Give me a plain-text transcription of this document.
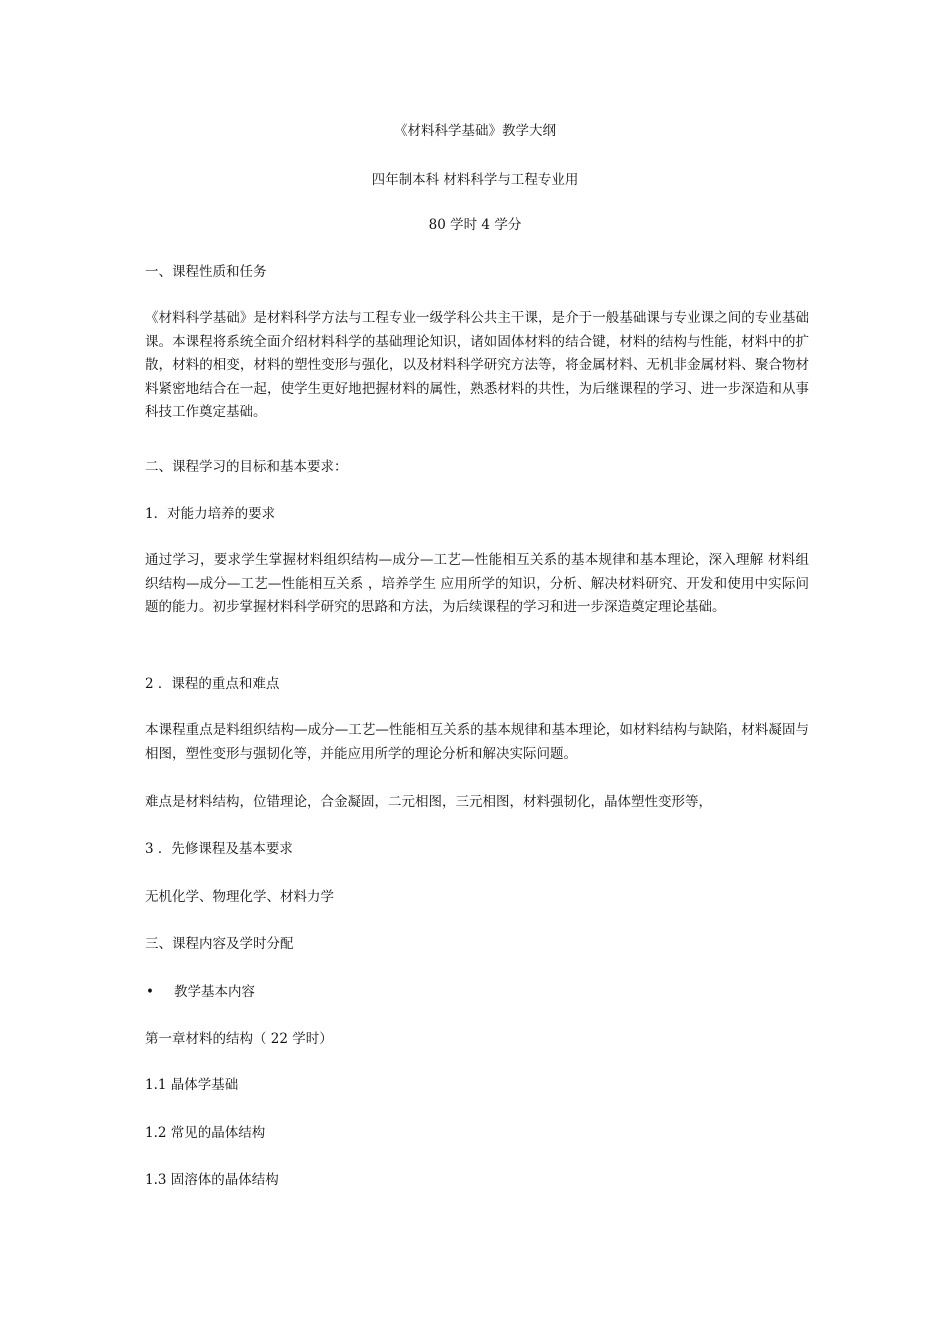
《材料科学基础》教学大纲
四年制本科 材料科学与工程专业用
80 学时 4 学分
一、课程性质和任务
《材料科学基础》是材料科学方法与工程专业一级学科公共主干课，是介于一般基础课与专业课之间的专业基础课。本课程将系统全面介绍材料科学的基础理论知识，诸如固体材料的结合键，材料的结构与性能，材料中的扩散，材料的相变，材料的塑性变形与强化，以及材料科学研究方法等，将金属材料、无机非金属材料、聚合物材料紧密地结合在一起，使学生更好地把握材料的属性，熟悉材料的共性，为后继课程的学习、进一步深造和从事科技工作奠定基础。
二、课程学习的目标和基本要求：
1．对能力培养的要求
通过学习，要求学生掌握材料组织结构—成分—工艺—性能相互关系的基本规律和基本理论，深入理解 材料组织结构—成分—工艺—性能相互关系 ，培养学生 应用所学的知识，分析、解决材料研究、开发和使用中实际问题的能力。初步掌握材料科学研究的思路和方法，为后续课程的学习和进一步深造奠定理论基础。
2 ．课程的重点和难点
本课程重点是料组织结构—成分—工艺—性能相互关系的基本规律和基本理论，如材料结构与缺陷，材料凝固与相图，塑性变形与强韧化等，并能应用所学的理论分析和解决实际问题。
难点是材料结构，位错理论，合金凝固，二元相图，三元相图，材料强韧化，晶体塑性变形等，
3 ．先修课程及基本要求
无机化学、物理化学、材料力学
三、课程内容及学时分配
• 教学基本内容
第一章材料的结构（ 22 学时）
1.1 晶体学基础
1.2 常见的晶体结构
1.3 固溶体的晶体结构
